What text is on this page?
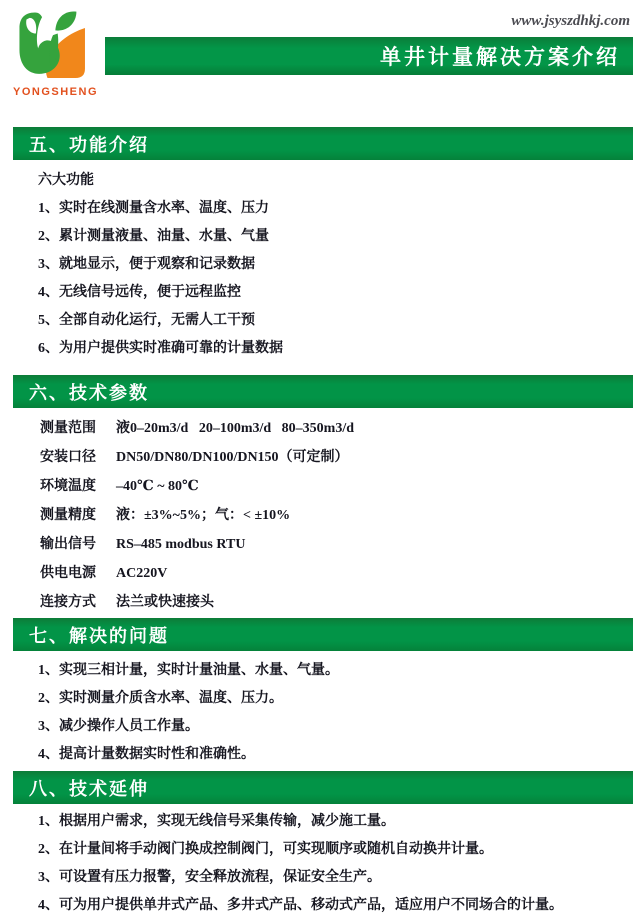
YONGSHENG
www.jsyszdhkj.com
单井计量解决方案介绍
五、功能介绍
六大功能
1、实时在线测量含水率、温度、压力
2、累计测量液量、油量、水量、气量
3、就地显示，便于观察和记录数据
4、无线信号远传，便于远程监控
5、全部自动化运行，无需人工干预
6、为用户提供实时准确可靠的计量数据
六、技术参数
测量范围	液0–20m3/d   20–100m3/d   80–350m3/d
安装口径	DN50/DN80/DN100/DN150（可定制）
环境温度	–40℃ ~ 80℃
测量精度	液：±3%~5%；气：< ±10%
输出信号	RS–485 modbus RTU
供电电源	AC220V
连接方式	法兰或快速接头
七、解决的问题
1、实现三相计量，实时计量油量、水量、气量。
2、实时测量介质含水率、温度、压力。
3、减少操作人员工作量。
4、提高计量数据实时性和准确性。
八、技术延伸
1、根据用户需求，实现无线信号采集传输，减少施工量。
2、在计量间将手动阀门换成控制阀门，可实现顺序或随机自动换井计量。
3、可设置有压力报警，安全释放流程，保证安全生产。
4、可为用户提供单井式产品、多井式产品、移动式产品，适应用户不同场合的计量。
